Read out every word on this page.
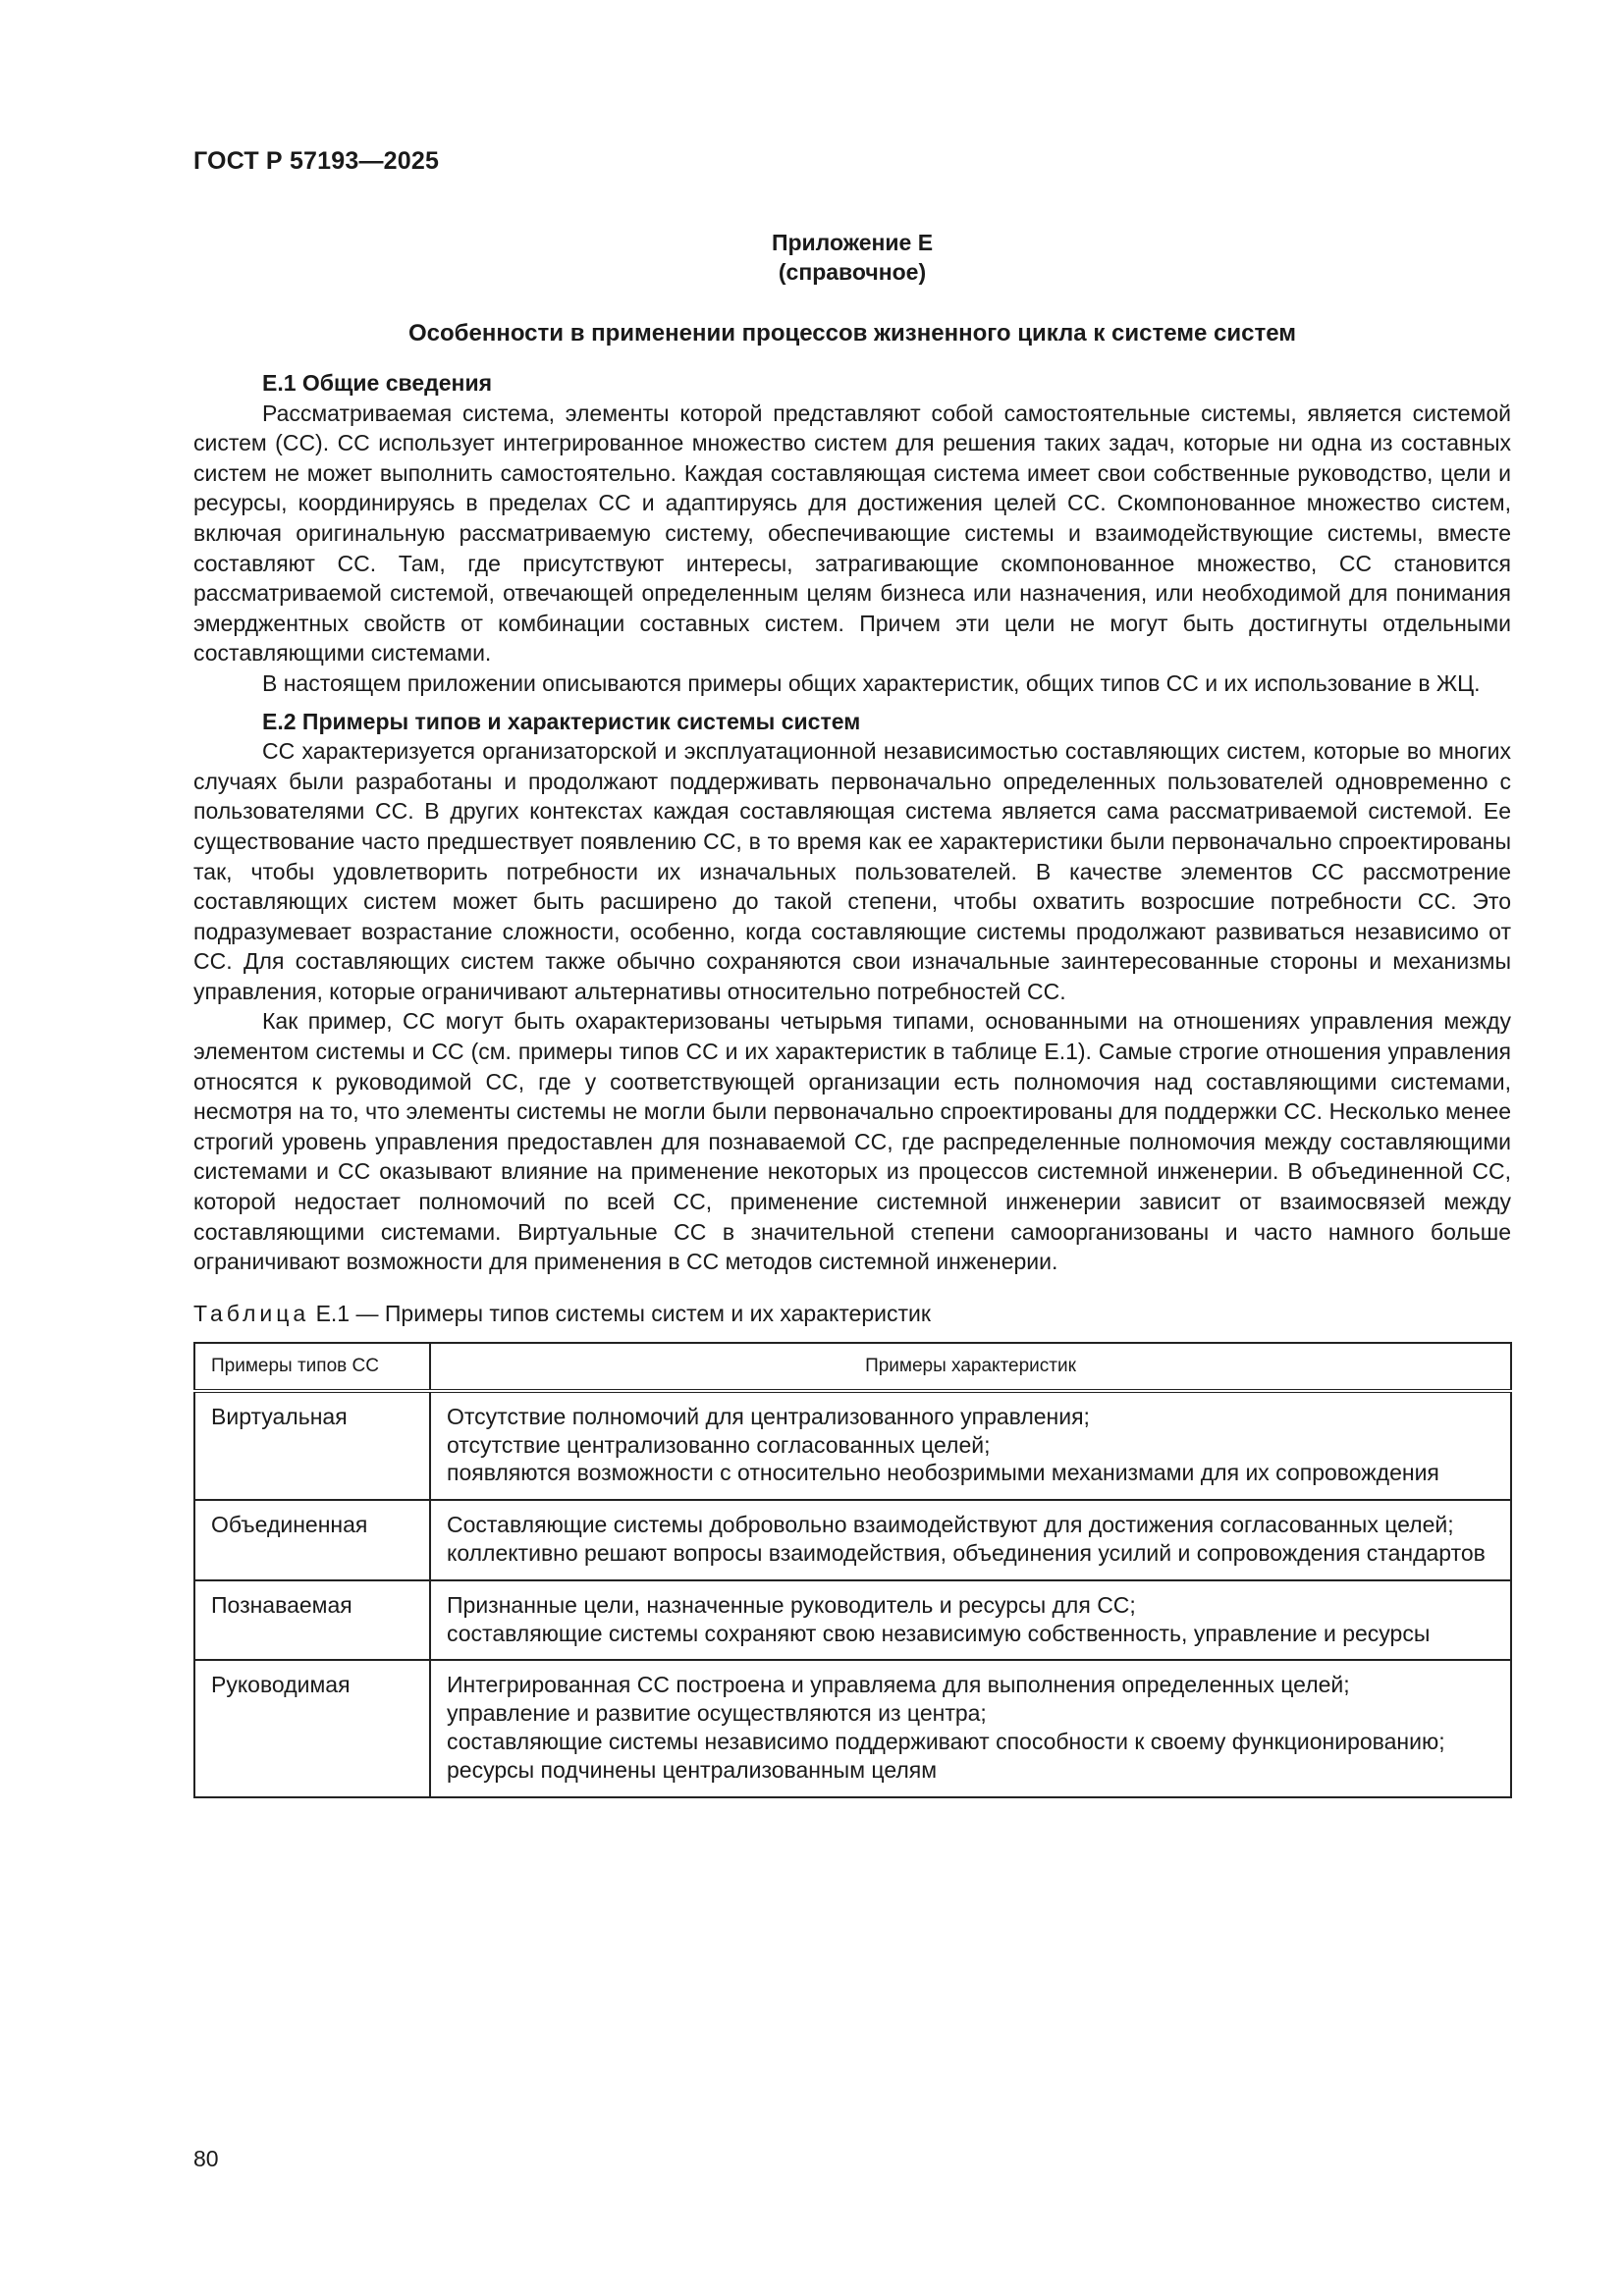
ГОСТ Р 57193—2025
Приложение Е
(справочное)
Особенности в применении процессов жизненного цикла к системе систем
Е.1 Общие сведения

Рассматриваемая система, элементы которой представляют собой самостоятельные системы, является системой систем (СС). СС использует интегрированное множество систем для решения таких задач, которые ни одна из составных систем не может выполнить самостоятельно. Каждая составляющая система имеет свои собственные руководство, цели и ресурсы, координируясь в пределах СС и адаптируясь для достижения целей СС. Скомпонованное множество систем, включая оригинальную рассматриваемую систему, обеспечивающие системы и взаимодействующие системы, вместе составляют СС. Там, где присутствуют интересы, затрагивающие скомпонованное множество, СС становится рассматриваемой системой, отвечающей определенным целям бизнеса или назначения, или необходимой для понимания эмерджентных свойств от комбинации составных систем. Причем эти цели не могут быть достигнуты отдельными составляющими системами.

В настоящем приложении описываются примеры общих характеристик, общих типов СС и их использование в ЖЦ.

Е.2 Примеры типов и характеристик системы систем

СС характеризуется организаторской и эксплуатационной независимостью составляющих систем, которые во многих случаях были разработаны и продолжают поддерживать первоначально определенных пользователей одновременно с пользователями СС. В других контекстах каждая составляющая система является сама рассматриваемой системой. Ее существование часто предшествует появлению СС, в то время как ее характеристики были первоначально спроектированы так, чтобы удовлетворить потребности их изначальных пользователей. В качестве элементов СС рассмотрение составляющих систем может быть расширено до такой степени, чтобы охватить возросшие потребности СС. Это подразумевает возрастание сложности, особенно, когда составляющие системы продолжают развиваться независимо от СС. Для составляющих систем также обычно сохраняются свои изначальные заинтересованные стороны и механизмы управления, которые ограничивают альтернативы относительно потребностей СС.

Как пример, СС могут быть охарактеризованы четырьмя типами, основанными на отношениях управления между элементом системы и СС (см. примеры типов СС и их характеристик в таблице Е.1). Самые строгие отношения управления относятся к руководимой СС, где у соответствующей организации есть полномочия над составляющими системами, несмотря на то, что элементы системы не могли были первоначально спроектированы для поддержки СС. Несколько менее строгий уровень управления предоставлен для познаваемой СС, где распределенные полномочия между составляющими системами и СС оказывают влияние на применение некоторых из процессов системной инженерии. В объединенной СС, которой недостает полномочий по всей СС, применение системной инженерии зависит от взаимосвязей между составляющими системами. Виртуальные СС в значительной степени самоорганизованы и часто намного больше ограничивают возможности для применения в СС методов системной инженерии.

Таблица Е.1 — Примеры типов системы систем и их характеристик
Примеры типов СС	Примеры характеристик
Виртуальная	Отсутствие полномочий для централизованного управления;
отсутствие централизованно согласованных целей;
появляются возможности с относительно необозримыми механизмами для их сопровождения

Объединенная	Составляющие системы добровольно взаимодействуют для достижения согласованных целей;
коллективно решают вопросы взаимодействия, объединения усилий и сопровождения стандартов

Познаваемая	Признанные цели, назначенные руководитель и ресурсы для СС;
составляющие системы сохраняют свою независимую собственность, управление и ресурсы

Руководимая	Интегрированная СС построена и управляема для выполнения определенных целей;
управление и развитие осуществляются из центра;
составляющие системы независимо поддерживают способности к своему функционированию;
ресурсы подчинены централизованным целям
80
